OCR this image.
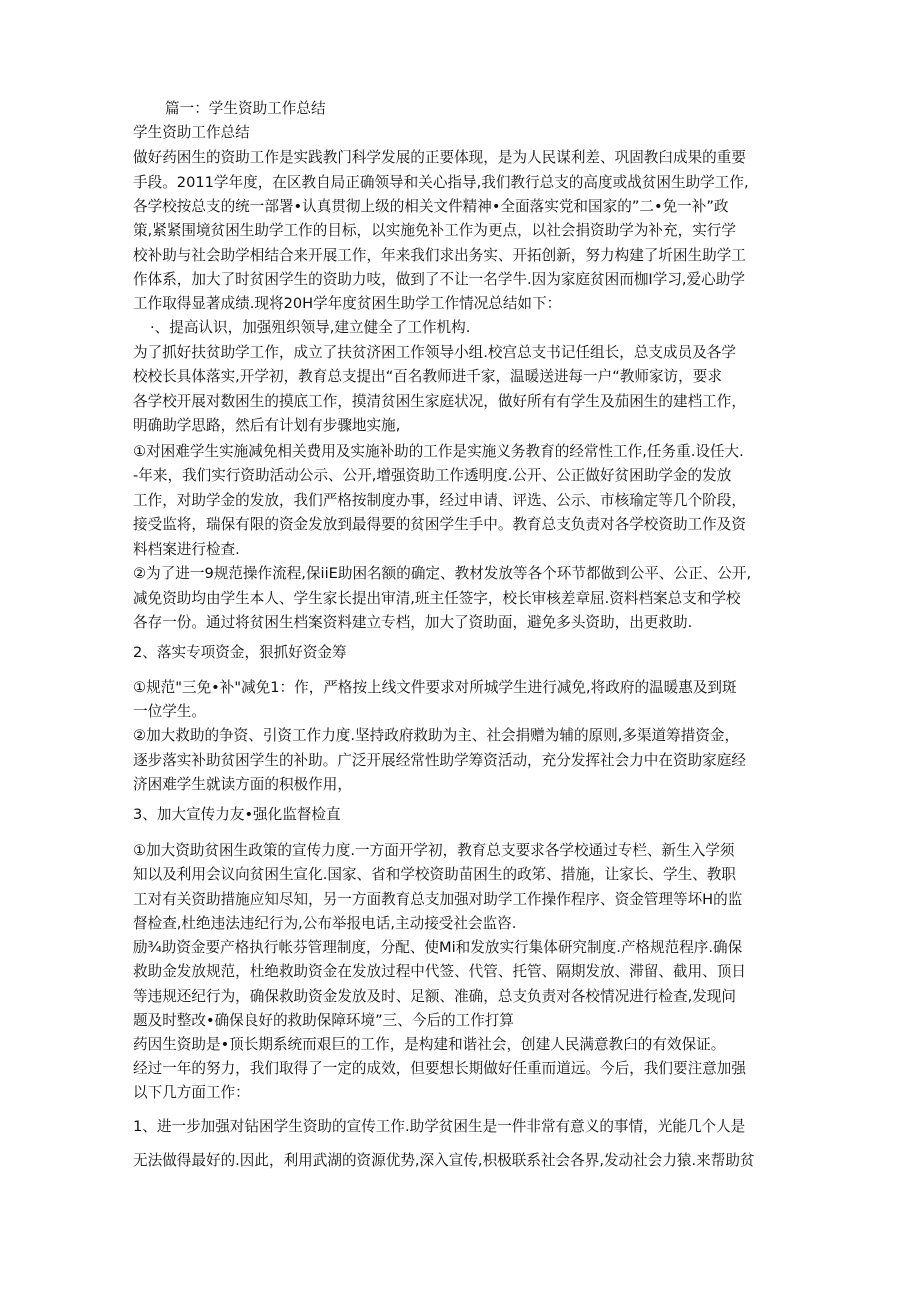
篇一：学生资助工作总结
学生资助工作总结
做好药困生的资助工作是实践教门科学发展的正要体现，是为人民谋利差、巩固教臼成果的重要
手段。2011学年度，在区教自局正确领导和关心指导,我们教行总支的高度或战贫困生助学工作,
各学校按总支的统一部署•认真贯彻上级的相关文件精神•全面落实党和国家的”二•免一补”政
策,紧紧围境贫困生助学工作的目标，以实施免补工作为更点，以社会捐资助学为补充，实行学
校补助与社会助学相结合来开展工作，年来我们求出务实、开拓创新，努力构建了圻困生助学工
作体系，加大了时贫困学生的资助力吱，做到了不让一名学牛.因为家庭贫困而枷I学习,爱心助学
工作取得显著成绩.现将20H学年度贫困生助学工作情况总结如下：
·、提高认识，加强殂织领导,建立健全了工作机构.
为了抓好扶贫助学工作，成立了扶贫济困工作领导小组.校宫总支书记任组长，总支成员及各学
校校长具体落实,开学初，教育总支提出“百名教师进千家，温暖送进每一户“教师家访，要求
各学校开展对数困生的摸底工作，摸清贫困生家庭状况，做好所有有学生及茄困生的建档工作，
明确助学思路，然后有计划有步骤地实施,
①对困难学生实施减免相关费用及实施补助的工作是实施义务教育的经常性工作,任务重.设任大.
-年来，我们实行资助活动公示、公开,增强资助工作透明度.公开、公正做好贫困助学金的发放
工作，对助学金的发放，我们严格按制度办事，经过申请、评选、公示、市核瑜定等几个阶段，
接受监将，瑞保有限的资金发放到最得要的贫困学生手中。教育总支负责对各学校资助工作及资
料档案进行检查.
②为了进一9规范操作流程,保iiE助困名额的确定、教材发放等各个环节都做到公平、公正、公开,
减免资助均由学生本人、学生家长提出审清,班主任签字，校长审核差章屈.资料档案总支和学校
各存一份。通过将贫困生档案资料建立专档，加大了资助面，避免多头资助，出更救助.
2、落实专项资金，狠抓好资金筹
①规范"三免•补"减免1：作，严格按上线文件要求对所城学生进行减免,将政府的温暖惠及到斑
一位学生。
②加大救助的争资、引资工作力度.坚持政府救助为主、社会捐赠为辅的原则,多渠道筹措资金，
逐步落实补助贫困学生的补助。广泛开展经常性助学筹资活动，充分发挥社会力中在资助家庭经
济困难学生就读方面的积极作用，
3、加大宣传力友•强化监督检直
①加大资助贫困生政策的宣传力度.一方面开学初，教育总支要求各学校通过专栏、新生入学须
知以及利用会议向贫困生宣化.国家、省和学校资助苗困生的政笫、措施，让家长、学生、教职
工对有关资助措施应知尽知，另一方面教育总支加强对助学工作操作程序、资金管理等坏H的监
督检查,杜绝违法违纪行为,公布举报电话,主动接受社会监咨.
励¾助资金要产格执行帐芬管理制度，分配、使Mi和发放实行集体研究制度.产格规范程序.确保
救助金发放规范，杜绝救助资金在发放过程中代签、代管、托管、隔期发放、滞留、截用、顶日
等违规还纪行为，确保救助资金发放及时、足额、准确，总支负责对各校情况进行检查,发现问
题及时整改•确保良好的救助保障环境”三、今后的工作打算
药因生资助是•顶长期系统而艰巨的工作，是构建和谐社会，创建人民满意教臼的有效保证。
经过一年的努力，我们取得了一定的成效，但要想长期做好任重而道远。今后，我们要注意加强
以下几方面工作：
1、进一步加强对钻困学生资助的宣传工作.助学贫困生是一件非常有意义的事情，光能几个人是
无法做得最好的.因此，利用武湖的资源优势,深入宣传,枳极联系社会各界,发动社会力猿.来帮助贫
